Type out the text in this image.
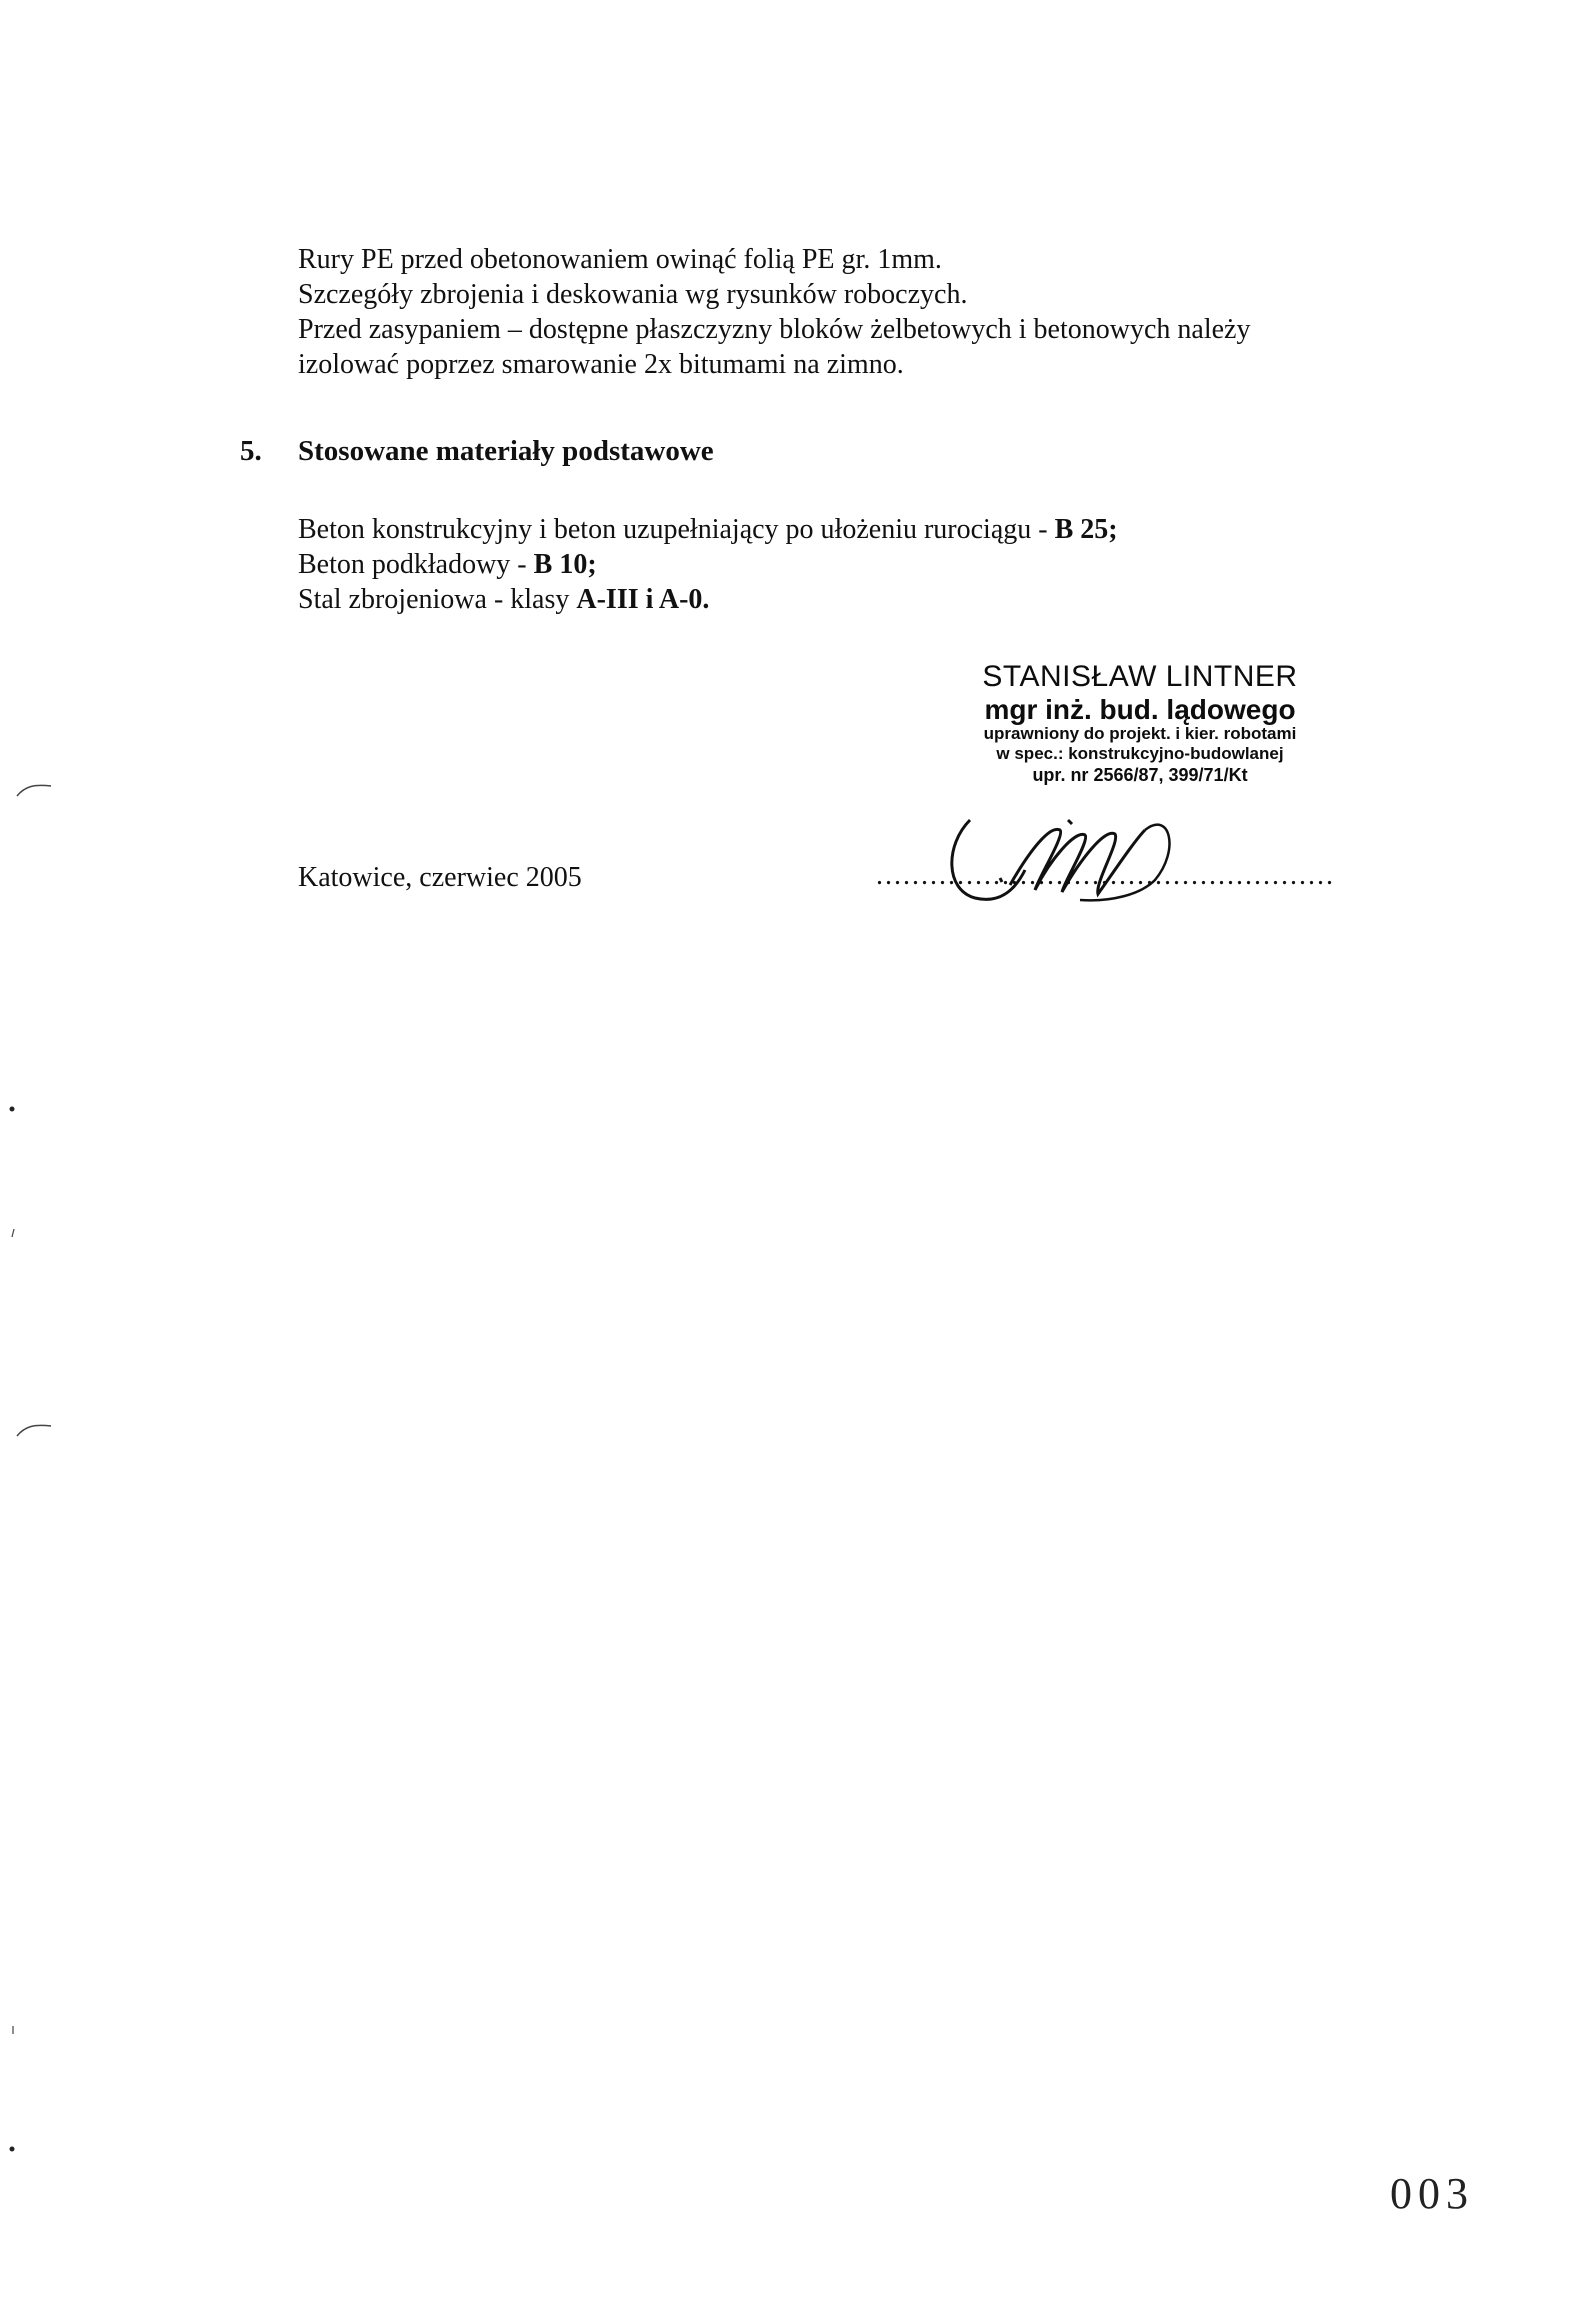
Rury PE przed obetonowaniem owinąć folią PE gr. 1mm.
Szczegóły zbrojenia i deskowania wg rysunków roboczych.
Przed zasypaniem – dostępne płaszczyzny bloków żelbetowych i betonowych należy
izolować poprzez smarowanie 2x bitumami na zimno.
5. Stosowane materiały podstawowe
Beton konstrukcyjny i beton uzupełniający po ułożeniu rurociągu - B 25;
Beton podkładowy - B 10;
Stal zbrojeniowa - klasy A-III i A-0.
STANISŁAW LINTNER
mgr inż. bud. lądowego
uprawniony do projekt. i kier. robotami
w spec.: konstrukcyjno-budowlanej
upr. nr 2566/87, 399/71/Kt
Katowice, czerwiec 2005	...................................................
003
